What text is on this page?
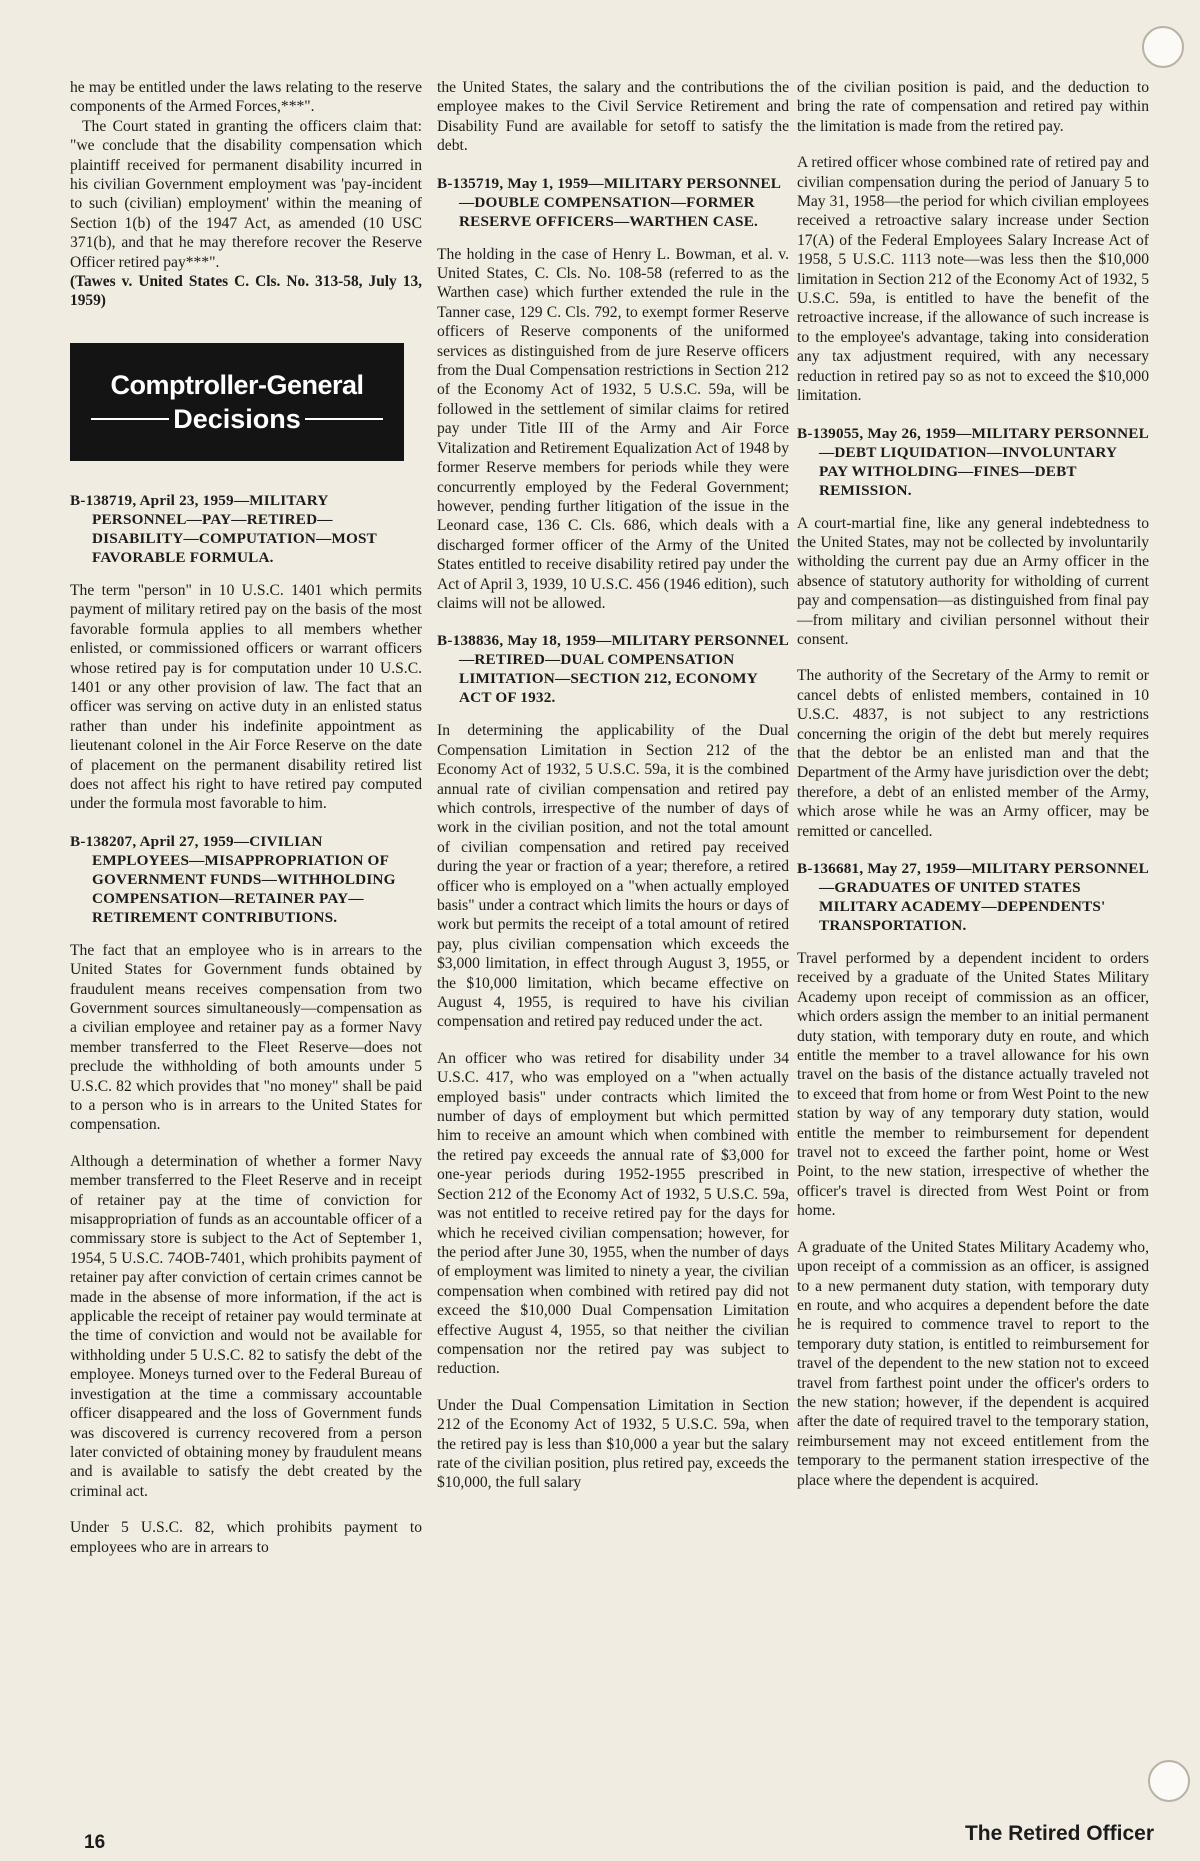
he may be entitled under the laws relating to the reserve components of the Armed Forces,***".

The Court stated in granting the officers claim that: "we conclude that the disability compensation which plaintiff received for permanent disability incurred in his civilian Government employment was 'pay-incident to such (civilian) employment' within the meaning of Section 1(b) of the 1947 Act, as amended (10 USC 371(b), and that he may therefore recover the Reserve Officer retired pay***".

(Tawes v. United States C. Cls. No. 313-58, July 13, 1959)

Comptroller-General
Decisions
B-138719, April 23, 1959—MILITARY PERSONNEL—PAY—RETIRED—DISABILITY—COMPUTATION—MOST FAVORABLE FORMULA.

The term "person" in 10 U.S.C. 1401 which permits payment of military retired pay on the basis of the most favorable formula applies to all members whether enlisted, or commissioned officers or warrant officers whose retired pay is for computation under 10 U.S.C. 1401 or any other provision of law. The fact that an officer was serving on active duty in an enlisted status rather than under his indefinite appointment as lieutenant colonel in the Air Force Reserve on the date of placement on the permanent disability retired list does not affect his right to have retired pay computed under the formula most favorable to him.

B-138207, April 27, 1959—CIVILIAN EMPLOYEES—MISAPPROPRIATION OF GOVERNMENT FUNDS—WITHHOLDING COMPENSATION—RETAINER PAY—RETIREMENT CONTRIBUTIONS.

The fact that an employee who is in arrears to the United States for Government funds obtained by fraudulent means receives compensation from two Government sources simultaneously—compensation as a civilian employee and retainer pay as a former Navy member transferred to the Fleet Reserve—does not preclude the withholding of both amounts under 5 U.S.C. 82 which provides that "no money" shall be paid to a person who is in arrears to the United States for compensation.

Although a determination of whether a former Navy member transferred to the Fleet Reserve and in receipt of retainer pay at the time of conviction for misappropriation of funds as an accountable officer of a commissary store is subject to the Act of September 1, 1954, 5 U.S.C. 74OB-7401, which prohibits payment of retainer pay after conviction of certain crimes cannot be made in the absense of more information, if the act is applicable the receipt of retainer pay would terminate at the time of conviction and would not be available for withholding under 5 U.S.C. 82 to satisfy the debt of the employee. Moneys turned over to the Federal Bureau of investigation at the time a commissary accountable officer disappeared and the loss of Government funds was discovered is currency recovered from a person later convicted of obtaining money by fraudulent means and is available to satisfy the debt created by the criminal act.

Under 5 U.S.C. 82, which prohibits payment to employees who are in arrears to

the United States, the salary and the contributions the employee makes to the Civil Service Retirement and Disability Fund are available for setoff to satisfy the debt.

B-135719, May 1, 1959—MILITARY PERSONNEL—DOUBLE COMPENSATION—FORMER RESERVE OFFICERS—WARTHEN CASE.

The holding in the case of Henry L. Bowman, et al. v. United States, C. Cls. No. 108-58 (referred to as the Warthen case) which further extended the rule in the Tanner case, 129 C. Cls. 792, to exempt former Reserve officers of Reserve components of the uniformed services as distinguished from de jure Reserve officers from the Dual Compensation restrictions in Section 212 of the Economy Act of 1932, 5 U.S.C. 59a, will be followed in the settlement of similar claims for retired pay under Title III of the Army and Air Force Vitalization and Retirement Equalization Act of 1948 by former Reserve members for periods while they were concurrently employed by the Federal Government; however, pending further litigation of the issue in the Leonard case, 136 C. Cls. 686, which deals with a discharged former officer of the Army of the United States entitled to receive disability retired pay under the Act of April 3, 1939, 10 U.S.C. 456 (1946 edition), such claims will not be allowed.

B-138836, May 18, 1959—MILITARY PERSONNEL—RETIRED—DUAL COMPENSATION LIMITATION—SECTION 212, ECONOMY ACT OF 1932.

In determining the applicability of the Dual Compensation Limitation in Section 212 of the Economy Act of 1932, 5 U.S.C. 59a, it is the combined annual rate of civilian compensation and retired pay which controls, irrespective of the number of days of work in the civilian position, and not the total amount of civilian compensation and retired pay received during the year or fraction of a year; therefore, a retired officer who is employed on a "when actually employed basis" under a contract which limits the hours or days of work but permits the receipt of a total amount of retired pay, plus civilian compensation which exceeds the $3,000 limitation, in effect through August 3, 1955, or the $10,000 limitation, which became effective on August 4, 1955, is required to have his civilian compensation and retired pay reduced under the act.

An officer who was retired for disability under 34 U.S.C. 417, who was employed on a "when actually employed basis" under contracts which limited the number of days of employment but which permitted him to receive an amount which when combined with the retired pay exceeds the annual rate of $3,000 for one-year periods during 1952-1955 prescribed in Section 212 of the Economy Act of 1932, 5 U.S.C. 59a, was not entitled to receive retired pay for the days for which he received civilian compensation; however, for the period after June 30, 1955, when the number of days of employment was limited to ninety a year, the civilian compensation when combined with retired pay did not exceed the $10,000 Dual Compensation Limitation effective August 4, 1955, so that neither the civilian compensation nor the retired pay was subject to reduction.

Under the Dual Compensation Limitation in Section 212 of the Economy Act of 1932, 5 U.S.C. 59a, when the retired pay is less than $10,000 a year but the salary rate of the civilian position, plus retired pay, exceeds the $10,000, the full salary

of the civilian position is paid, and the deduction to bring the rate of compensation and retired pay within the limitation is made from the retired pay.

A retired officer whose combined rate of retired pay and civilian compensation during the period of January 5 to May 31, 1958—the period for which civilian employees received a retroactive salary increase under Section 17(A) of the Federal Employees Salary Increase Act of 1958, 5 U.S.C. 1113 note—was less then the $10,000 limitation in Section 212 of the Economy Act of 1932, 5 U.S.C. 59a, is entitled to have the benefit of the retroactive increase, if the allowance of such increase is to the employee's advantage, taking into consideration any tax adjustment required, with any necessary reduction in retired pay so as not to exceed the $10,000 limitation.

B-139055, May 26, 1959—MILITARY PERSONNEL—DEBT LIQUIDATION—INVOLUNTARY PAY WITHOLDING—FINES—DEBT REMISSION.

A court-martial fine, like any general indebtedness to the United States, may not be collected by involuntarily witholding the current pay due an Army officer in the absence of statutory authority for witholding of current pay and compensation—as distinguished from final pay—from military and civilian personnel without their consent.

The authority of the Secretary of the Army to remit or cancel debts of enlisted members, contained in 10 U.S.C. 4837, is not subject to any restrictions concerning the origin of the debt but merely requires that the debtor be an enlisted man and that the Department of the Army have jurisdiction over the debt; therefore, a debt of an enlisted member of the Army, which arose while he was an Army officer, may be remitted or cancelled.

B-136681, May 27, 1959—MILITARY PERSONNEL—GRADUATES OF UNITED STATES MILITARY ACADEMY—DEPENDENTS' TRANSPORTATION.

Travel performed by a dependent incident to orders received by a graduate of the United States Military Academy upon receipt of commission as an officer, which orders assign the member to an initial permanent duty station, with temporary duty en route, and which entitle the member to a travel allowance for his own travel on the basis of the distance actually traveled not to exceed that from home or from West Point to the new station by way of any temporary duty station, would entitle the member to reimbursement for dependent travel not to exceed the farther point, home or West Point, to the new station, irrespective of whether the officer's travel is directed from West Point or from home.

A graduate of the United States Military Academy who, upon receipt of a commission as an officer, is assigned to a new permanent duty station, with temporary duty en route, and who acquires a dependent before the date he is required to commence travel to report to the temporary duty station, is entitled to reimbursement for travel of the dependent to the new station not to exceed travel from farthest point under the officer's orders to the new station; however, if the dependent is acquired after the date of required travel to the temporary station, reimbursement may not exceed entitlement from the temporary to the permanent station irrespective of the place where the dependent is acquired.

16	The Retired Officer
